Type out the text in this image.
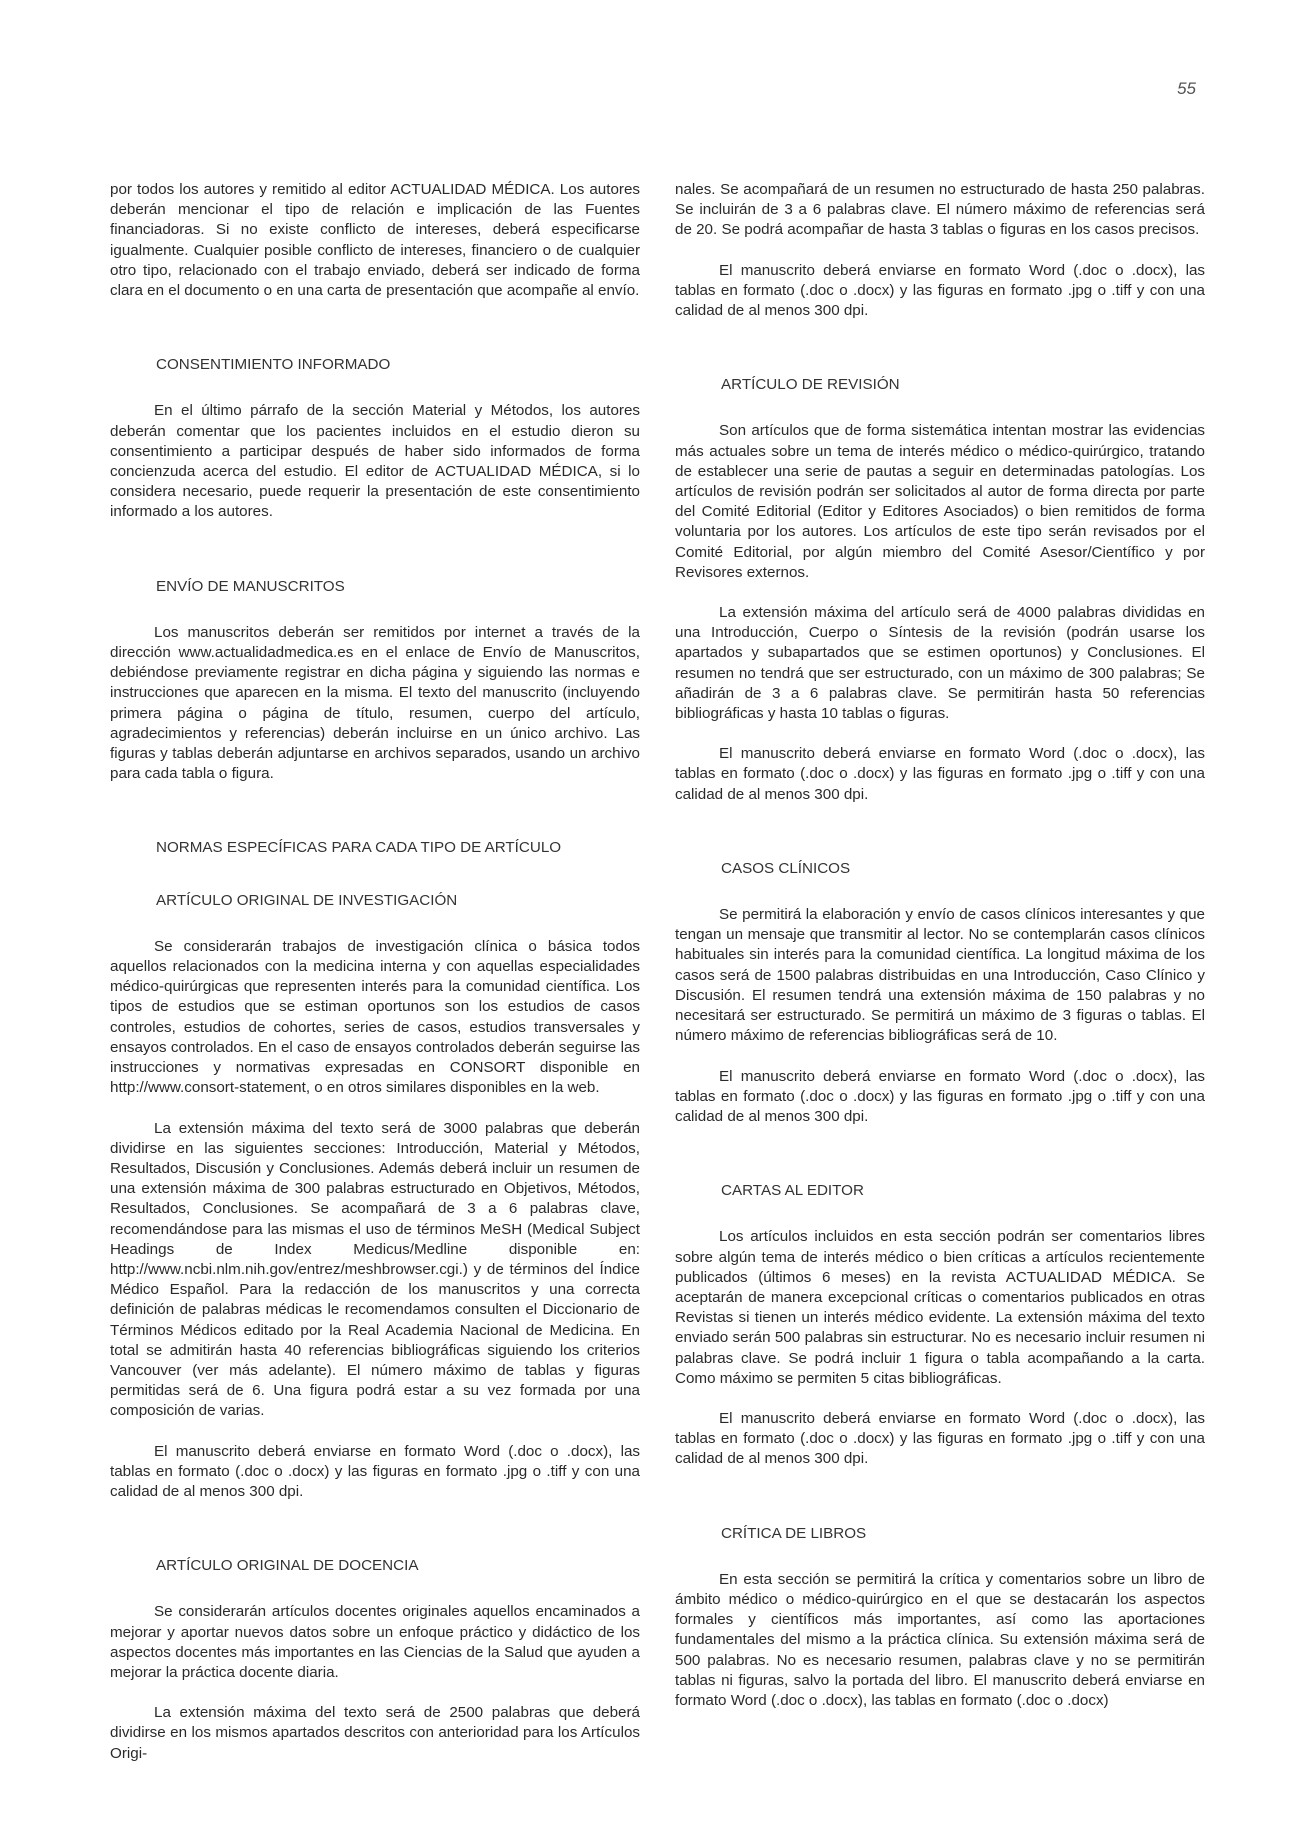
55

por todos los autores y remitido al editor ACTUALIDAD MÉDICA. Los autores deberán mencionar el tipo de relación e implicación de las Fuentes financiadoras. Si no existe conflicto de intereses, deberá especificarse igualmente. Cualquier posible conflicto de intereses, financiero o de cualquier otro tipo, relacionado con el trabajo enviado, deberá ser indicado de forma clara en el documento o en una carta de presentación que acompañe al envío.

CONSENTIMIENTO INFORMADO

En el último párrafo de la sección Material y Métodos, los autores deberán comentar que los pacientes incluidos en el estudio dieron su consentimiento a participar después de haber sido informados de forma concienzuda acerca del estudio. El editor de ACTUALIDAD MÉDICA, si lo considera necesario, puede requerir la presentación de este consentimiento informado a los autores.

ENVÍO DE MANUSCRITOS

Los manuscritos deberán ser remitidos por internet a través de la dirección www.actualidadmedica.es en el enlace de Envío de Manuscritos, debiéndose previamente registrar en dicha página y siguiendo las normas e instrucciones que aparecen en la misma. El texto del manuscrito (incluyendo primera página o página de título, resumen, cuerpo del artículo, agradecimientos y referencias) deberán incluirse en un único archivo. Las figuras y tablas deberán adjuntarse en archivos separados, usando un archivo para cada tabla o figura.

NORMAS ESPECÍFICAS PARA CADA TIPO DE ARTÍCULO
ARTÍCULO ORIGINAL DE INVESTIGACIÓN

Se considerarán trabajos de investigación clínica o básica todos aquellos relacionados con la medicina interna y con aquellas especialidades médico-quirúrgicas que representen interés para la comunidad científica. Los tipos de estudios que se estiman oportunos son los estudios de casos controles, estudios de cohortes, series de casos, estudios transversales y ensayos controlados. En el caso de ensayos controlados deberán seguirse las instrucciones y normativas expresadas en CONSORT disponible en http://www.consort-statement, o en otros similares disponibles en la web.

La extensión máxima del texto será de 3000 palabras que deberán dividirse en las siguientes secciones: Introducción, Material y Métodos, Resultados, Discusión y Conclusiones. Además deberá incluir un resumen de una extensión máxima de 300 palabras estructurado en Objetivos, Métodos, Resultados, Conclusiones. Se acompañará de 3 a 6 palabras clave, recomendándose para las mismas el uso de términos MeSH (Medical Subject Headings de Index Medicus/Medline disponible en: http://www.ncbi.nlm.nih.gov/entrez/meshbrowser.cgi.) y de términos del Índice Médico Español. Para la redacción de los manuscritos y una correcta definición de palabras médicas le recomendamos consulten el Diccionario de Términos Médicos editado por la Real Academia Nacional de Medicina. En total se admitirán hasta 40 referencias bibliográficas siguiendo los criterios Vancouver (ver más adelante). El número máximo de tablas y figuras permitidas será de 6. Una figura podrá estar a su vez formada por una composición de varias.

El manuscrito deberá enviarse en formato Word (.doc o .docx), las tablas en formato (.doc o .docx) y las figuras en formato .jpg o .tiff y con una calidad de al menos 300 dpi.

ARTÍCULO ORIGINAL DE DOCENCIA

Se considerarán artículos docentes originales aquellos encaminados a mejorar y aportar nuevos datos sobre un enfoque práctico y didáctico de los aspectos docentes más importantes en las Ciencias de la Salud que ayuden a mejorar la práctica docente diaria.

La extensión máxima del texto será de 2500 palabras que deberá dividirse en los mismos apartados descritos con anterioridad para los Artículos Origi-

nales. Se acompañará de un resumen no estructurado de hasta 250 palabras. Se incluirán de 3 a 6 palabras clave. El número máximo de referencias será de 20. Se podrá acompañar de hasta 3 tablas o figuras en los casos precisos.

El manuscrito deberá enviarse en formato Word (.doc o .docx), las tablas en formato (.doc o .docx) y las figuras en formato .jpg o .tiff y con una calidad de al menos 300 dpi.

ARTÍCULO DE REVISIÓN

Son artículos que de forma sistemática intentan mostrar las evidencias más actuales sobre un tema de interés médico o médico-quirúrgico, tratando de establecer una serie de pautas a seguir en determinadas patologías. Los artículos de revisión podrán ser solicitados al autor de forma directa por parte del Comité Editorial (Editor y Editores Asociados) o bien remitidos de forma voluntaria por los autores. Los artículos de este tipo serán revisados por el Comité Editorial, por algún miembro del Comité Asesor/Científico y por Revisores externos.

La extensión máxima del artículo será de 4000 palabras divididas en una Introducción, Cuerpo o Síntesis de la revisión (podrán usarse los apartados y subapartados que se estimen oportunos) y Conclusiones. El resumen no tendrá que ser estructurado, con un máximo de 300 palabras; Se añadirán de 3 a 6 palabras clave. Se permitirán hasta 50 referencias bibliográficas y hasta 10 tablas o figuras.

El manuscrito deberá enviarse en formato Word (.doc o .docx), las tablas en formato (.doc o .docx) y las figuras en formato .jpg o .tiff y con una calidad de al menos 300 dpi.

CASOS CLÍNICOS

Se permitirá la elaboración y envío de casos clínicos interesantes y que tengan un mensaje que transmitir al lector. No se contemplarán casos clínicos habituales sin interés para la comunidad científica. La longitud máxima de los casos será de 1500 palabras distribuidas en una Introducción, Caso Clínico y Discusión. El resumen tendrá una extensión máxima de 150 palabras y no necesitará ser estructurado. Se permitirá un máximo de 3 figuras o tablas. El número máximo de referencias bibliográficas será de 10.

El manuscrito deberá enviarse en formato Word (.doc o .docx), las tablas en formato (.doc o .docx) y las figuras en formato .jpg o .tiff y con una calidad de al menos 300 dpi.

CARTAS AL EDITOR

Los artículos incluidos en esta sección podrán ser comentarios libres sobre algún tema de interés médico o bien críticas a artículos recientemente publicados (últimos 6 meses) en la revista ACTUALIDAD MÉDICA. Se aceptarán de manera excepcional críticas o comentarios publicados en otras Revistas si tienen un interés médico evidente. La extensión máxima del texto enviado serán 500 palabras sin estructurar. No es necesario incluir resumen ni palabras clave. Se podrá incluir 1 figura o tabla acompañando a la carta. Como máximo se permiten 5 citas bibliográficas.

El manuscrito deberá enviarse en formato Word (.doc o .docx), las tablas en formato (.doc o .docx) y las figuras en formato .jpg o .tiff y con una calidad de al menos 300 dpi.

CRÍTICA DE LIBROS

En esta sección se permitirá la crítica y comentarios sobre un libro de ámbito médico o médico-quirúrgico en el que se destacarán los aspectos formales y científicos más importantes, así como las aportaciones fundamentales del mismo a la práctica clínica. Su extensión máxima será de 500 palabras. No es necesario resumen, palabras clave y no se permitirán tablas ni figuras, salvo la portada del libro. El manuscrito deberá enviarse en formato Word (.doc o .docx), las tablas en formato (.doc o .docx)
